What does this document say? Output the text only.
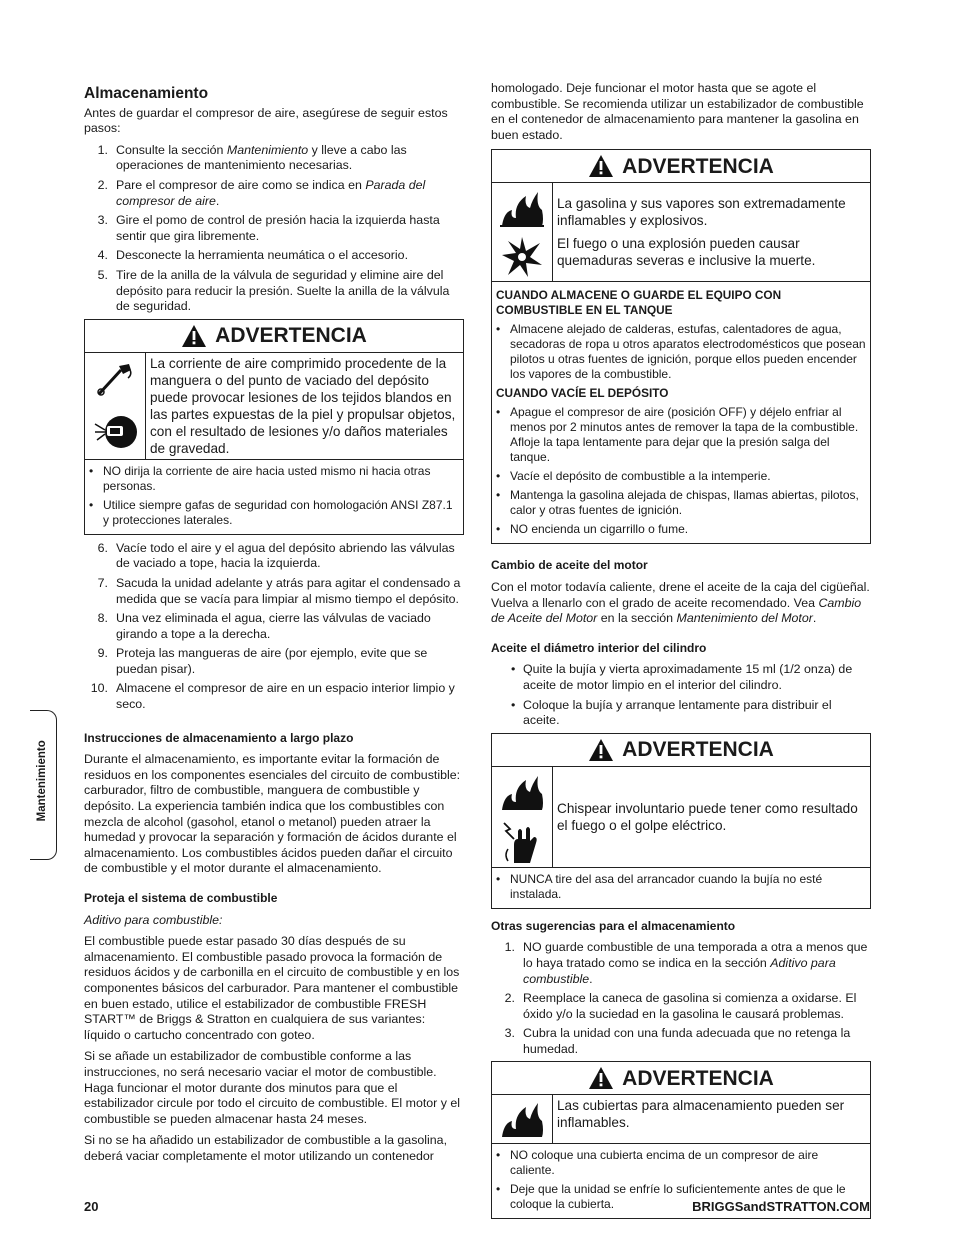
Mantenimiento
Almacenamiento

Antes de guardar el compresor de aire, asegúrese de seguir estos pasos:

1. Consulte la sección Mantenimiento y lleve a cabo las operaciones de mantenimiento necesarias.
2. Pare el compresor de aire como se indica en Parada del compresor de aire.
3. Gire el pomo de control de presión hacia la izquierda hasta sentir que gira libremente.
4. Desconecte la herramienta neumática o el accesorio.
5. Tire de la anilla de la válvula de seguridad y elimine aire del depósito para reducir la presión. Suelte la anilla de la válvula de seguridad.
ADVERTENCIA
La corriente de aire comprimido procedente de la manguera o del punto de vaciado del depósito puede provocar lesiones de los tejidos blandos en las partes expuestas de la piel y propulsar objetos, con el resultado de lesiones y/o daños materiales de gravedad.
• NO dirija la corriente de aire hacia usted mismo ni hacia otras personas.
• Utilice siempre gafas de seguridad con homologación ANSI Z87.1 y protecciones laterales.
6. Vacíe todo el aire y el agua del depósito abriendo las válvulas de vaciado a tope, hacia la izquierda.
7. Sacuda la unidad adelante y atrás para agitar el condensado a medida que se vacía para limpiar al mismo tiempo el depósito.
8. Una vez eliminada el agua, cierre las válvulas de vaciado girando a tope a la derecha.
9. Proteja las mangueras de aire (por ejemplo, evite que se puedan pisar).
10. Almacene el compresor de aire en un espacio interior limpio y seco.
Instrucciones de almacenamiento a largo plazo

Durante el almacenamiento, es importante evitar la formación de residuos en los componentes esenciales del circuito de combustible: carburador, filtro de combustible, manguera de combustible y depósito. La experiencia también indica que los combustibles con mezcla de alcohol (gasohol, etanol o metanol) pueden atraer la humedad y provocar la separación y formación de ácidos durante el almacenamiento. Los combustibles ácidos pueden dañar el circuito de combustible y el motor durante el almacenamiento.

Proteja el sistema de combustible

Aditivo para combustible:

El combustible puede estar pasado 30 días después de su almacenamiento. El combustible pasado provoca la formación de residuos ácidos y de carbonilla en el circuito de combustible y en los componentes básicos del carburador. Para mantener el combustible en buen estado, utilice el estabilizador de combustible FRESH START™ de Briggs & Stratton en cualquiera de sus variantes: líquido o cartucho concentrado con goteo.

Si se añade un estabilizador de combustible conforme a las instrucciones, no será necesario vaciar el motor de combustible. Haga funcionar el motor durante dos minutos para que el estabilizador circule por todo el circuito de combustible. El motor y el combustible se pueden almacenar hasta 24 meses.

Si no se ha añadido un estabilizador de combustible a la gasolina, deberá vaciar completamente el motor utilizando un contenedor

homologado. Deje funcionar el motor hasta que se agote el combustible. Se recomienda utilizar un estabilizador de combustible en el contenedor de almacenamiento para mantener la gasolina en buen estado.

ADVERTENCIA

La gasolina y sus vapores son extremadamente inflamables y explosivos.

El fuego o una explosión pueden causar quemaduras severas e inclusive la muerte.

CUANDO ALMACENE O GUARDE EL EQUIPO CON COMBUSTIBLE EN EL TANQUE
• Almacene alejado de calderas, estufas, calentadores de agua, secadoras de ropa u otros aparatos electrodomésticos que posean pilotos u otras fuentes de ignición, porque ellos pueden encender los vapores de la combustible.
CUANDO VACÍE EL DEPÓSITO
• Apague el compresor de aire (posición OFF) y déjelo enfriar al menos por 2 minutos antes de remover la tapa de la combustible. Afloje la tapa lentamente para dejar que la presión salga del tanque.
• Vacíe el depósito de combustible a la intemperie.
• Mantenga la gasolina alejada de chispas, llamas abiertas, pilotos, calor y otras fuentes de ignición.
• NO encienda un cigarrillo o fume.
Cambio de aceite del motor

Con el motor todavía caliente, drene el aceite de la caja del cigüeñal. Vuelva a llenarlo con el grado de aceite recomendado. Vea Cambio de Aceite del Motor en la sección Mantenimiento del Motor.

Aceite el diámetro interior del cilindro
• Quite la bujía y vierta aproximadamente 15 ml (1/2 onza) de aceite de motor limpio en el interior del cilindro.
• Coloque la bujía y arranque lentamente para distribuir el aceite.
ADVERTENCIA
Chispear involuntario puede tener como resultado el fuego o el golpe eléctrico.
• NUNCA tire del asa del arrancador cuando la bujía no esté instalada.
Otras sugerencias para el almacenamiento
1. NO guarde combustible de una temporada a otra a menos que lo haya tratado como se indica en la sección Aditivo para combustible.
2. Reemplace la caneca de gasolina si comienza a oxidarse. El óxido y/o la suciedad en la gasolina le causará problemas.
3. Cubra la unidad con una funda adecuada que no retenga la humedad.
ADVERTENCIA
Las cubiertas para almacenamiento pueden ser inflamables.
• NO coloque una cubierta encima de un compresor de aire caliente.
• Deje que la unidad se enfríe lo suficientemente antes de que le coloque la cubierta.
20	BRIGGSandSTRATTON.COM
